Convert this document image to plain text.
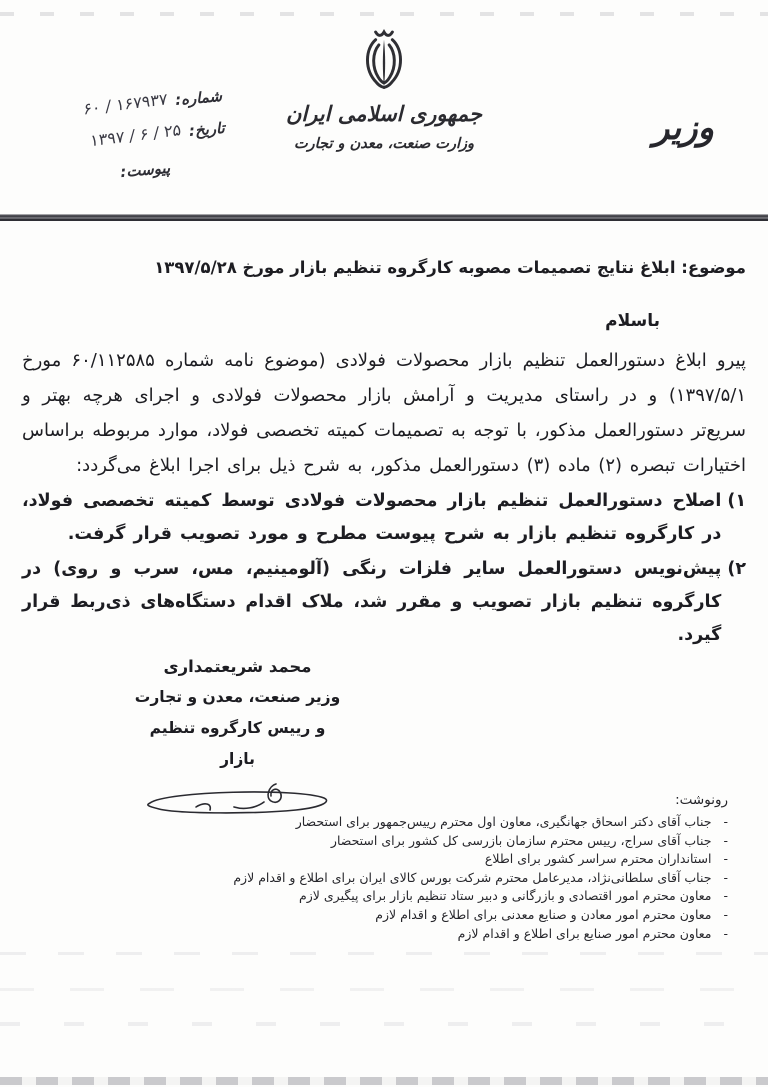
شماره:
۶۰ / ۱۶۷۹۳۷
تاریخ:
۱۳۹۷ / ۶ / ۲۵
پیوست:
جمهوری اسلامی ایران
وزارت صنعت، معدن و تجارت	وزیر
موضوع: ابلاغ نتایج تصمیمات مصوبه کارگروه تنظیم بازار مورخ ۱۳۹۷/۵/۲۸
باسلام

پیرو ابلاغ دستورالعمل تنظیم بازار محصولات فولادی (موضوع نامه شماره ۶۰/۱۱۲۵۸۵ مورخ ۱۳۹۷/۵/۱) و در راستای مدیریت و آرامش بازار محصولات فولادی و اجرای هرچه بهتر و سریع‌تر دستورالعمل مذکور، با توجه به تصمیمات کمیته تخصصی فولاد، موارد مربوطه براساس اختیارات تبصره (۲) ماده (۳) دستورالعمل مذکور، به شرح ذیل برای اجرا ابلاغ می‌گردد:

۱)
اصلاح دستورالعمل تنظیم بازار محصولات فولادی توسط کمیته تخصصی فولاد، در کارگروه تنظیم بازار به شرح پیوست مطرح و مورد تصویب قرار گرفت.
۲)
پیش‌نویس دستورالعمل سایر فلزات رنگی (آلومینیم، مس، سرب و روی) در کارگروه تنظیم بازار تصویب و مقرر شد، ملاک اقدام دستگاه‌های ذی‌ربط قرار گیرد.
محمد شریعتمداری
وزیر صنعت، معدن و تجارت
و رییس کارگروه تنظیم بازار
رونوشت:
-
جناب آقای دکتر اسحاق جهانگیری، معاون اول محترم رییس‌جمهور برای استحضار
-
جناب آقای سراج، رییس محترم سازمان بازرسی کل کشور برای استحضار
-
استانداران محترم سراسر کشور برای اطلاع
-
جناب آقای سلطانی‌نژاد، مدیرعامل محترم شرکت بورس کالای ایران برای اطلاع و اقدام لازم
-
معاون محترم امور اقتصادی و بازرگانی و دبیر ستاد تنظیم بازار برای پیگیری لازم
-
معاون محترم امور معادن و صنایع معدنی برای اطلاع و اقدام لازم
-
معاون محترم امور صنایع برای اطلاع و اقدام لازم
